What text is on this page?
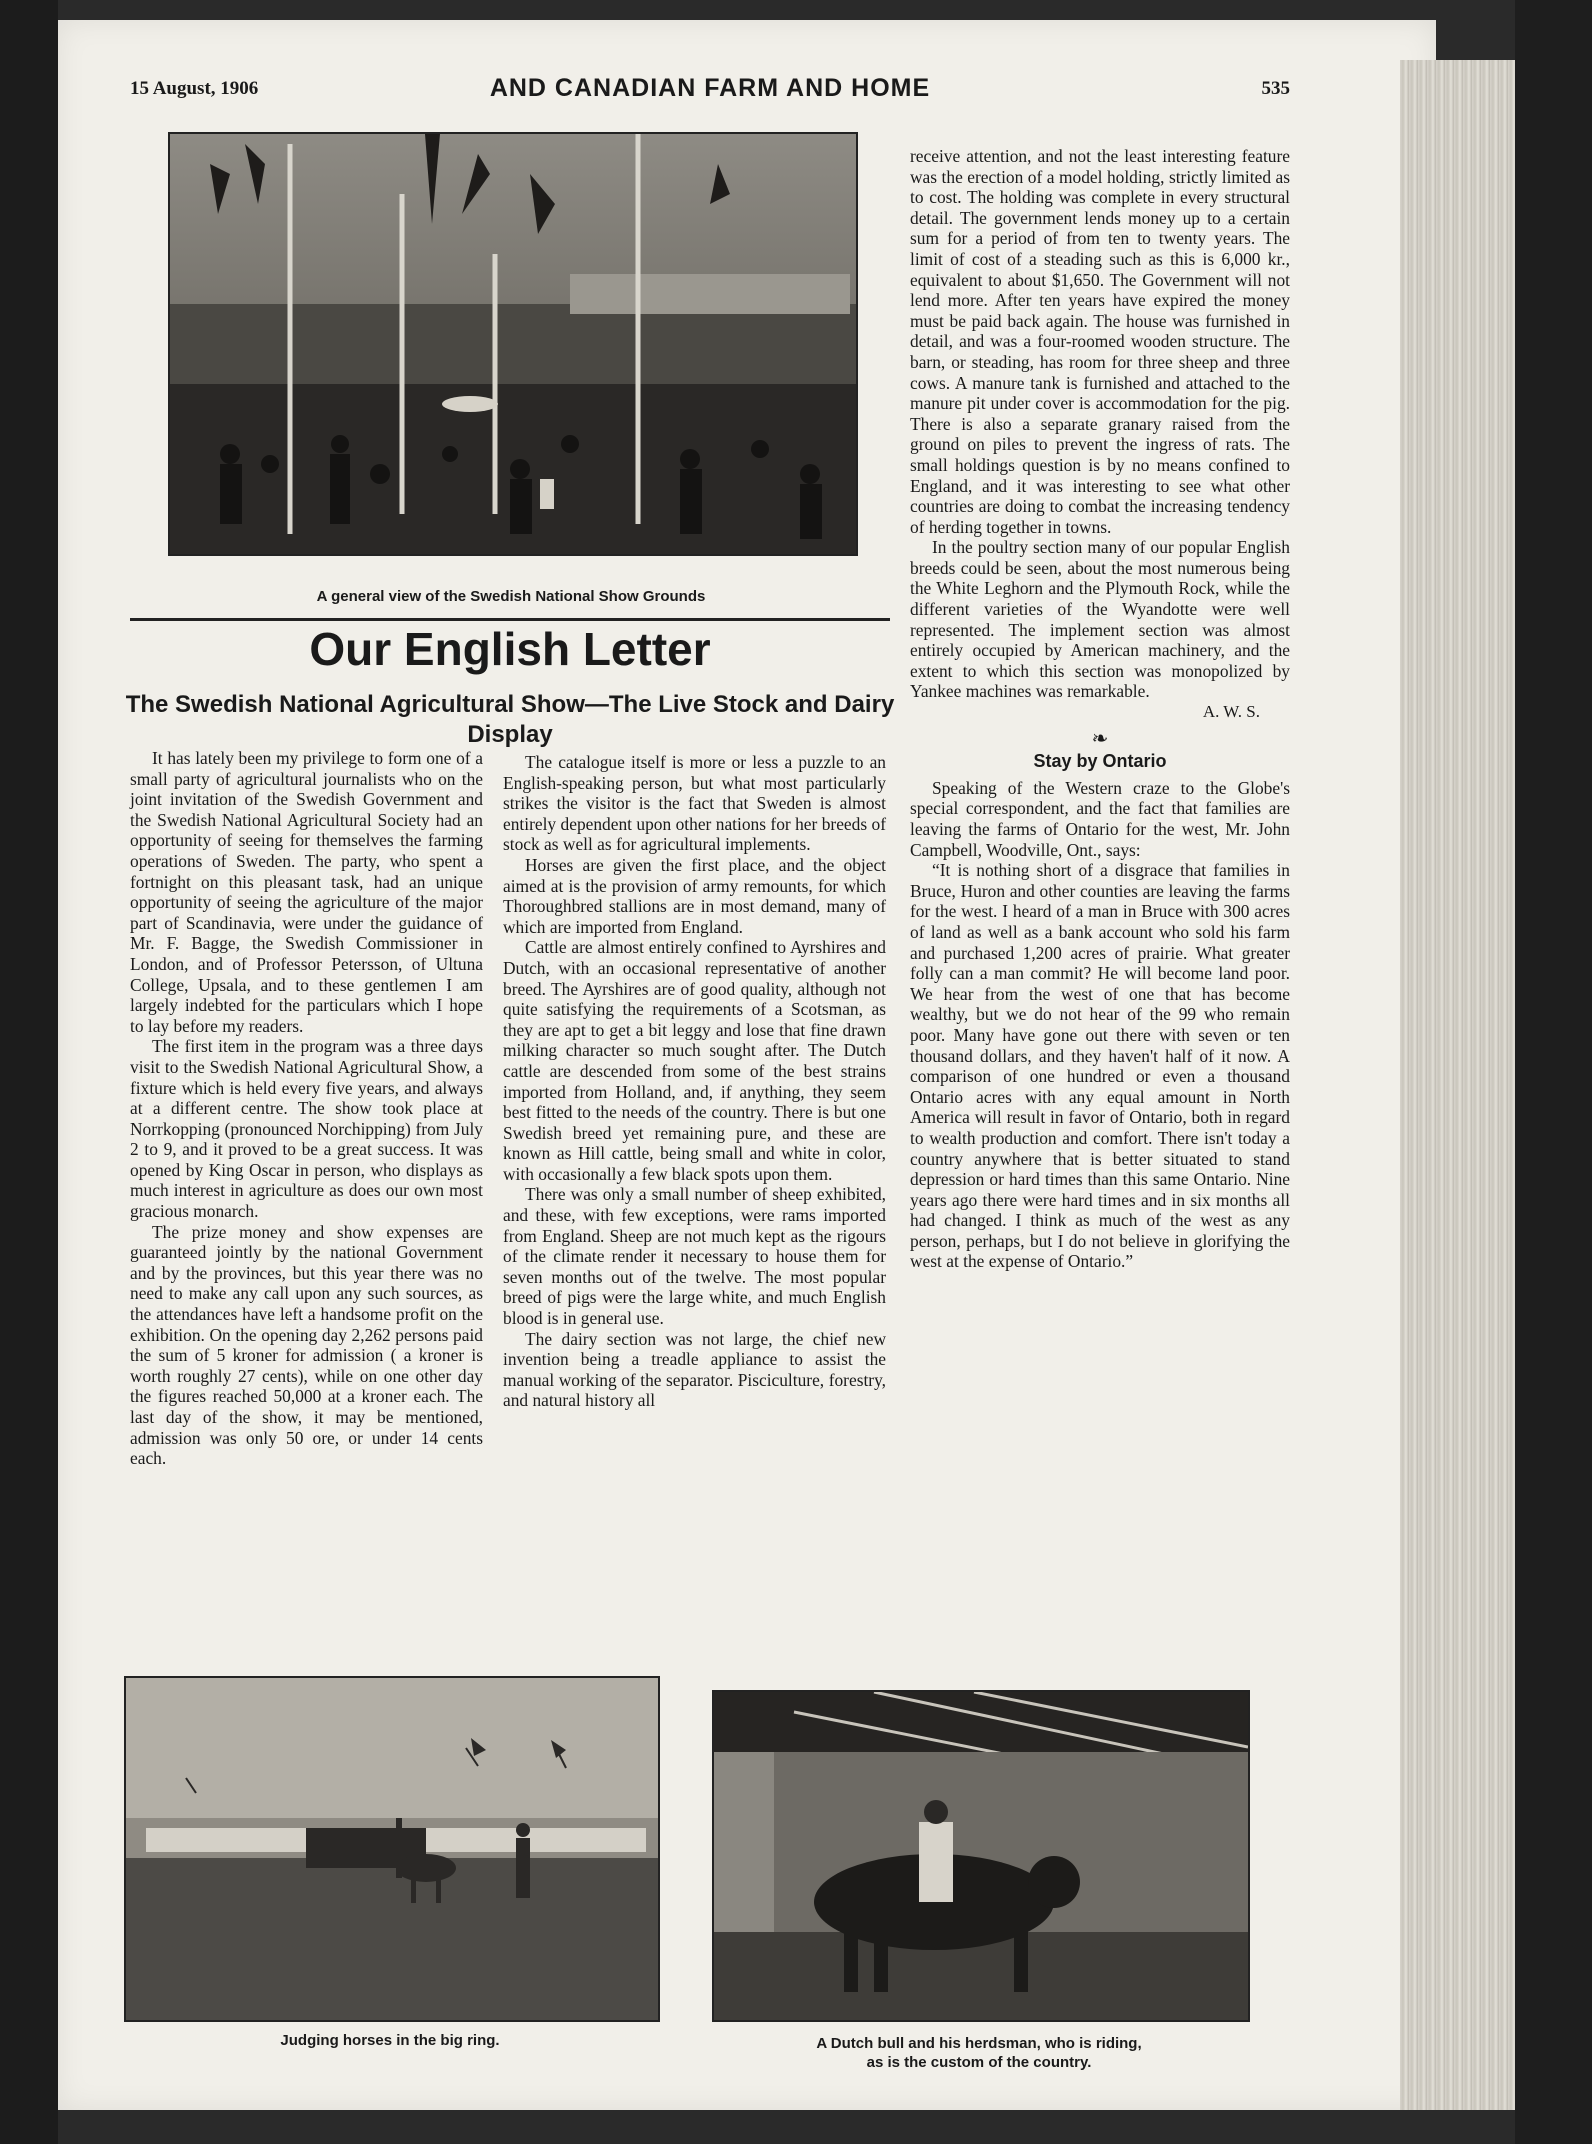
15 August, 1906	AND CANADIAN FARM AND HOME	535
A general view of the Swedish National Show Grounds
Our English Letter
The Swedish National Agricultural Show—The Live Stock and Dairy Display

It has lately been my privilege to form one of a small party of agricultural journalists who on the joint invitation of the Swedish Government and the Swedish National Agricultural Society had an opportunity of seeing for themselves the farming operations of Sweden. The party, who spent a fortnight on this pleasant task, had an unique opportunity of seeing the agriculture of the major part of Scandinavia, were under the guidance of Mr. F. Bagge, the Swedish Commissioner in London, and of Professor Petersson, of Ultuna College, Upsala, and to these gentlemen I am largely indebted for the particulars which I hope to lay before my readers.

The first item in the program was a three days visit to the Swedish National Agricultural Show, a fixture which is held every five years, and always at a different centre. The show took place at Norrkopping (pronounced Norchipping) from July 2 to 9, and it proved to be a great success. It was opened by King Oscar in person, who displays as much interest in agriculture as does our own most gracious monarch.

The prize money and show expenses are guaranteed jointly by the national Government and by the provinces, but this year there was no need to make any call upon any such sources, as the attendances have left a handsome profit on the exhibition. On the opening day 2,262 persons paid the sum of 5 kroner for admission ( a kroner is worth roughly 27 cents), while on one other day the figures reached 50,000 at a kroner each. The last day of the show, it may be mentioned, admission was only 50 ore, or under 14 cents each.

The catalogue itself is more or less a puzzle to an English-speaking person, but what most particularly strikes the visitor is the fact that Sweden is almost entirely dependent upon other nations for her breeds of stock as well as for agricultural implements.

Horses are given the first place, and the object aimed at is the provision of army remounts, for which Thoroughbred stallions are in most demand, many of which are imported from England.

Cattle are almost entirely confined to Ayrshires and Dutch, with an occasional representative of another breed. The Ayrshires are of good quality, although not quite satisfying the requirements of a Scotsman, as they are apt to get a bit leggy and lose that fine drawn milking character so much sought after. The Dutch cattle are descended from some of the best strains imported from Holland, and, if anything, they seem best fitted to the needs of the country. There is but one Swedish breed yet remaining pure, and these are known as Hill cattle, being small and white in color, with occasionally a few black spots upon them.

There was only a small number of sheep exhibited, and these, with few exceptions, were rams imported from England. Sheep are not much kept as the rigours of the climate render it necessary to house them for seven months out of the twelve. The most popular breed of pigs were the large white, and much English blood is in general use.

The dairy section was not large, the chief new invention being a treadle appliance to assist the manual working of the separator. Pisciculture, forestry, and natural history all

receive attention, and not the least interesting feature was the erection of a model holding, strictly limited as to cost. The holding was complete in every structural detail. The government lends money up to a certain sum for a period of from ten to twenty years. The limit of cost of a steading such as this is 6,000 kr., equivalent to about $1,650. The Government will not lend more. After ten years have expired the money must be paid back again. The house was furnished in detail, and was a four-roomed wooden structure. The barn, or steading, has room for three sheep and three cows. A manure tank is furnished and attached to the manure pit under cover is accommodation for the pig. There is also a separate granary raised from the ground on piles to prevent the ingress of rats. The small holdings question is by no means confined to England, and it was interesting to see what other countries are doing to combat the increasing tendency of herding together in towns.

In the poultry section many of our popular English breeds could be seen, about the most numerous being the White Leghorn and the Plymouth Rock, while the different varieties of the Wyandotte were well represented. The implement section was almost entirely occupied by American machinery, and the extent to which this section was monopolized by Yankee machines was remarkable.

A. W. S.
❧
Stay by Ontario

Speaking of the Western craze to the Globe's special correspondent, and the fact that families are leaving the farms of Ontario for the west, Mr. John Campbell, Woodville, Ont., says:

“It is nothing short of a disgrace that families in Bruce, Huron and other counties are leaving the farms for the west. I heard of a man in Bruce with 300 acres of land as well as a bank account who sold his farm and purchased 1,200 acres of prairie. What greater folly can a man commit? He will become land poor. We hear from the west of one that has become wealthy, but we do not hear of the 99 who remain poor. Many have gone out there with seven or ten thousand dollars, and they haven't half of it now. A comparison of one hundred or even a thousand Ontario acres with any equal amount in North America will result in favor of Ontario, both in regard to wealth production and comfort. There isn't today a country anywhere that is better situated to stand depression or hard times than this same Ontario. Nine years ago there were hard times and in six months all had changed. I think as much of the west as any person, perhaps, but I do not believe in glorifying the west at the expense of Ontario.”

Judging horses in the big ring.	A Dutch bull and his herdsman, who is riding,
as is the custom of the country.
